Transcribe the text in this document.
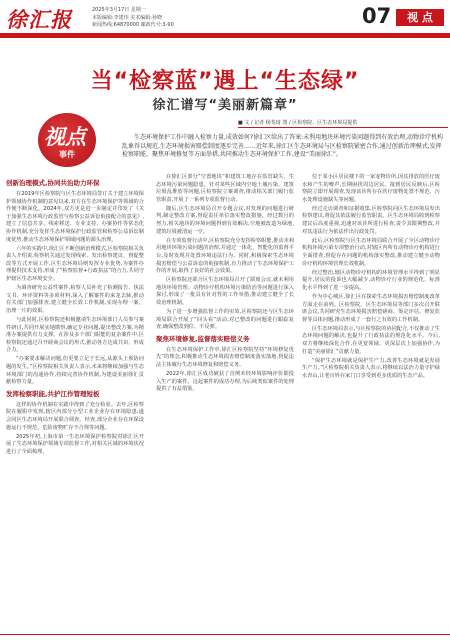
徐汇报	2025年3月17日 星期一
本版编辑:李建伟 美术编辑:孙晓
新闻热线:64870000 邮政代号:3-90	07	视 点
当“检察蓝”遇上“生态绿”
徐汇谱写“美丽新篇章”
视点
事件
■ 文 / 记者 杨斐琦 图 / 区检察院、区生态环境局提供
生态环境保护工作中融入检察力量,成效如何?徐汇区给出了答案:未利用地块环境污染问题得到有效治理,动物诊疗机构乱象得以规范,生态环境损害赔偿制度逐步完善……近年来,徐汇区生态环境局与区检察院紧密合作,通过创新治理模式,发挥检察职能、聚焦环境修复等方面举措,共同推动生态环境保护工作,建设“美丽徐汇”。
创新治理模式,协同共治助力环保

在2019年区检察院与区生态环境局签订关于建立环境保护领域协作机制的意见以来,双方在生态环境保护等领域的合作便不断深化。2024年,双方更是进一步制定并印发了《关于加强生态环境行政监管与检察公益诉讼衔接配合的意见》,建立了信息共享、线索移送、专业支持、办案协作等常态化协作机制,充分发挥生态环境保护行政监管和检察公益诉讼制度优势,推动生态环境保护领域问题的源头治理。

六年的实践中,徐汇区不断创新治理模式,区检察院相关负责人介绍说,检察机关通过发现线索、发出检察建议、督促整改等方式开展工作,区生态环境局则发挥专业优势,为案件办理提供技术支持,形成了“检察监督+行政执法”的合力,共同守护辖区生态环境安全。

为调查研究公益性案件,检察人员补充了检测报告、执法文书、环评资料等多项材料,深入了解案件的来龙去脉,推动有关部门加强排查,建立健全长效工作机制,实现办理一案、治理一片的效果。

与此同时,区检察院还积极邀请生态环境部门人员参与案件研讨,共同开展实地勘察,确定专业问题,提出整改方案,为精准办案提供有力支撑。在涉及多个部门职能的复杂案件中,区检察院还通过召开磋商会议的形式,推动各方达成共识、形成合力。

“办案要求解决问题,但更要立足于长远,从源头上预防问题的发生。”区检察院相关负责人表示,未来将继续加强与生态环境部门的沟通协作,持续完善协作机制,为建设美丽徐汇贡献检察力量。

发挥检察职能,共护江作管理短板

这样的协作机制在实践中得到了充分检验。去年,区检察院在履职中发现,辖区内部分小型工业企业存在环境隐患,遂会同区生态环境局开展联合调查。经查,部分企业存在环保设施运行不规范、危险废物贮存不合规等问题。

2025年初,上海市第一生态环境保护检察院对徐汇区开展了生态环境保护领域专项监督工作,对相关区域的环境状况进行了全面梳理。

在徐汇区部分“空置地块”和建筑工地存在监管缺失、生态环境污染问题隐患。针对某些区域内空地土壤污染、建筑垃圾乱堆放等问题,区检察院立案调查,推动相关部门履行监管职责,开展了一系列专项监督行动。

随后,区生态环境局召开专题会议,对发现的问题进行研判,制定整改方案,督促责任单位落实整改措施。经过数月的努力,相关地块的环境问题得到有效解决,空地被改造为绿地,建筑垃圾被清运一空。

在专项监督行动中,区检察院充分发挥检察职能,推动未利用地块环境污染问题的治理,并通过一体化、智能化的监督平台,及时发现并处置环境违法行为。同时,积极探索生态环境损害赔偿与公益诉讼的衔接机制,有力推动了生态环境保护工作的开展,取得了良好的社会效果。

区检察院还联合区生态环境局召开了联席会议,就未利用地块环境管理、动物诊疗机构环境污染防治等问题进行深入探讨,形成了一批具有针对性的工作举措,推动建立健全了长效治理机制。

为了进一步增强监督工作的实效,区检察院还与区生态环境局联合开展了“回头看”活动,对已整改的问题进行跟踪复查,确保整改到位、不反弹。

聚焦环境修复,监督落实赔偿义务

在生态环境保护工作中,徐汇区检察院坚持“环境修复优先”的理念,积极推动生态环境损害赔偿制度落实落地,督促违法主体履行生态环境修复和赔偿义务。

2022年,徐汇区成功破获了首例未经环境影响评价即投入生产的案件。这起案件的成功办理,为后续类似案件的处理提供了有益借鉴。

位于某小区居民楼下的一家宠物诊所,因其排放的医疗废水和产生的噪声,长期困扰周边居民。接到居民反映后,区检察院立即开展调查,发现该诊所存在医疗废物处置不规范、污水处理设施缺失等问题。

经过走访调查和证据收集,区检察院向区生态环境局发出检察建议,督促其依法履行监管职责。区生态环境局收到检察建议后高度重视,迅速对该诊所进行检查,责令其限期整改,并对其违法行为依法作出行政处罚。

此后,区检察院与区生态环境局联合开展了全区动物诊疗机构环境污染专项整治行动,对辖区内所有动物诊疗机构进行全面排查,督促存在问题的机构落实整改,推动建立健全动物诊疗机构环境管理长效机制。

经过整治,辖区动物诊疗机构的环境管理水平得到了明显提升,居民的投诉也大幅减少,动物诊疗行业的规范化、标准化水平得到了进一步提高。

作为中心城区,徐汇区在探索生态环境损害赔偿制度改革方面走在前列。区检察院、区生态环境局等部门多次召开联席会议,共同研究生态环境损害赔偿磋商、鉴定评估、修复监督等具体问题,推动形成了一套行之有效的工作机制。

区生态环境局表示,与区检察院的协同配合,不仅推动了生态环境问题的解决,也提升了行政执法的规范化水平。今后,双方将继续深化合作,在更宽领域、更深层次上加强协作,为打造“美丽徐汇”贡献力量。

“保护生态环境就是保护生产力,改善生态环境就是发展生产力。”区检察院相关负责人表示,将继续以法治力量守护绿水青山,让老百姓在家门口享受到更多优质的生态产品。
